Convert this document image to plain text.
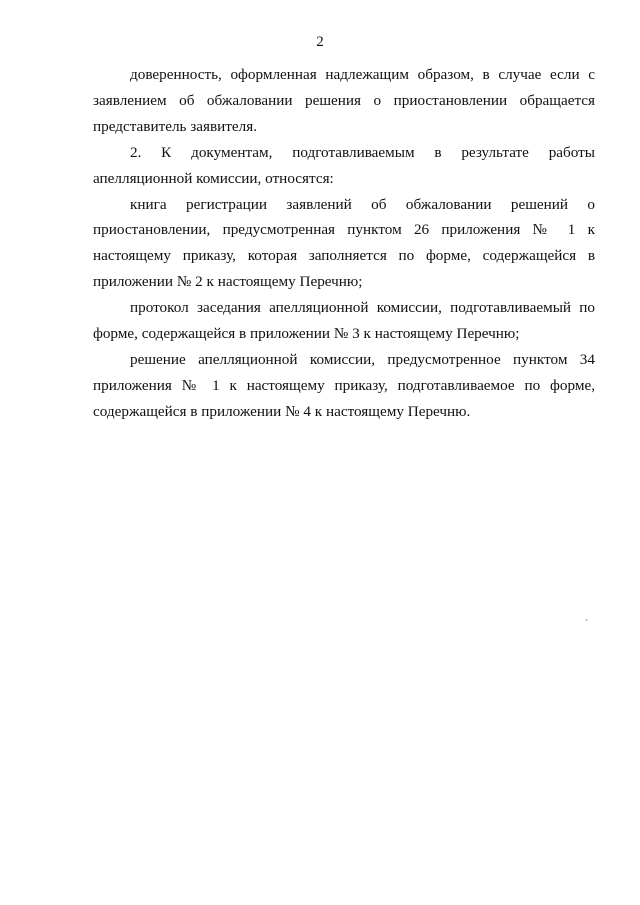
2

доверенность, оформленная надлежащим образом, в случае если с заявлением об обжаловании решения о приостановлении обращается представитель заявителя.

2. К документам, подготавливаемым в результате работы апелляционной комиссии, относятся:

книга регистрации заявлений об обжаловании решений о приостановлении, предусмотренная пунктом 26 приложения № 1 к настоящему приказу, которая заполняется по форме, содержащейся в приложении № 2 к настоящему Перечню;

протокол заседания апелляционной комиссии, подготавливаемый по форме, содержащейся в приложении № 3 к настоящему Перечню;

решение апелляционной комиссии, предусмотренное пунктом 34 приложения № 1 к настоящему приказу, подготавливаемое по форме, содержащейся в приложении № 4 к настоящему Перечню.

`
